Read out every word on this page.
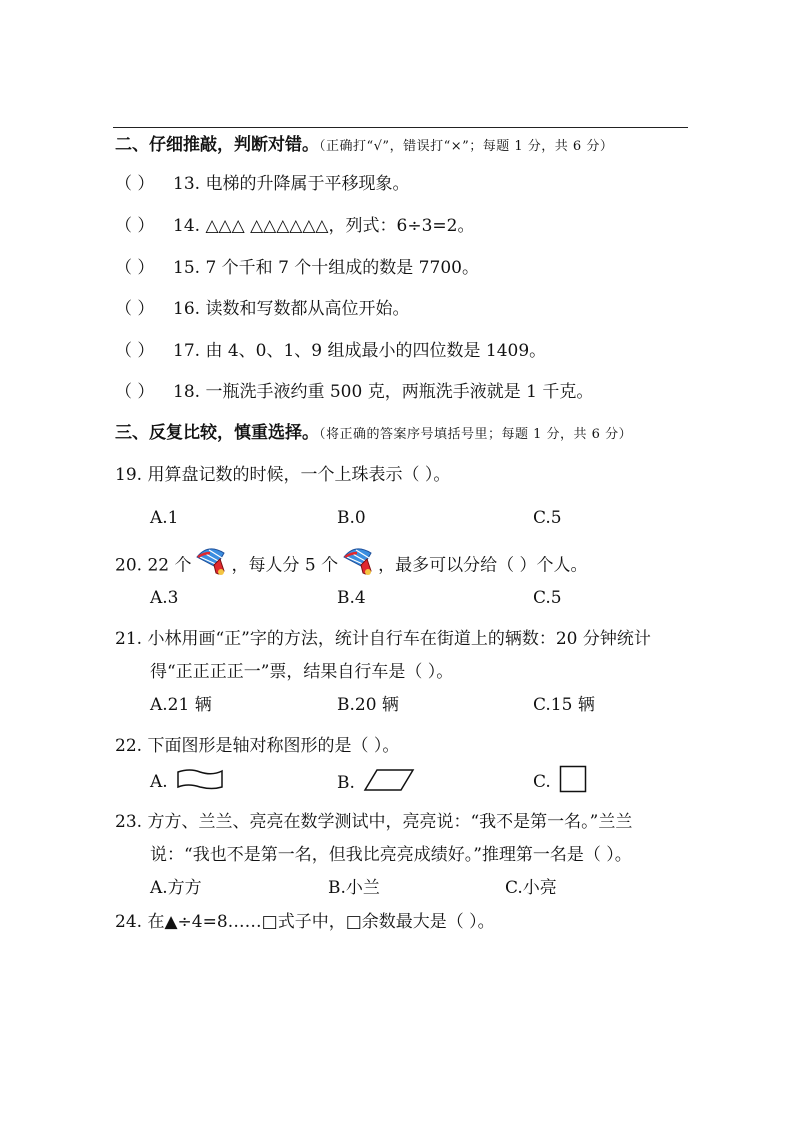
二、仔细推敲，判断对错。（正确打“√”，错误打“×”；每题 1 分，共 6 分）
（ ） 13. 电梯的升降属于平移现象。
（ ） 14. △△△ △△△△△△，列式：6÷3=2。
（ ） 15. 7 个千和 7 个十组成的数是 7700。
（ ） 16. 读数和写数都从高位开始。
（ ） 17. 由 4、0、1、9 组成最小的四位数是 1409。
（ ） 18. 一瓶洗手液约重 500 克，两瓶洗手液就是 1 千克。
三、反复比较，慎重选择。（将正确的答案序号填括号里；每题 1 分，共 6 分）
19. 用算盘记数的时候，一个上珠表示（ ）。
A.1	B.0	C.5
20. 22 个 ，每人分 5 个 ，最多可以分给（ ）个人。
A.3	B.4	C.5
21. 小林用画“正”字的方法，统计自行车在街道上的辆数：20 分钟统计
得“正正正正一”票，结果自行车是（ ）。
A.21 辆	B.20 辆	C.15 辆
22. 下面图形是轴对称图形的是（ ）。
A.	B.	C.
23. 方方、兰兰、亮亮在数学测试中，亮亮说：“我不是第一名。”兰兰
说：“我也不是第一名，但我比亮亮成绩好。”推理第一名是（ ）。
A.方方	B.小兰	C.小亮
24. 在▲÷4=8……□式子中，□余数最大是（ ）。
